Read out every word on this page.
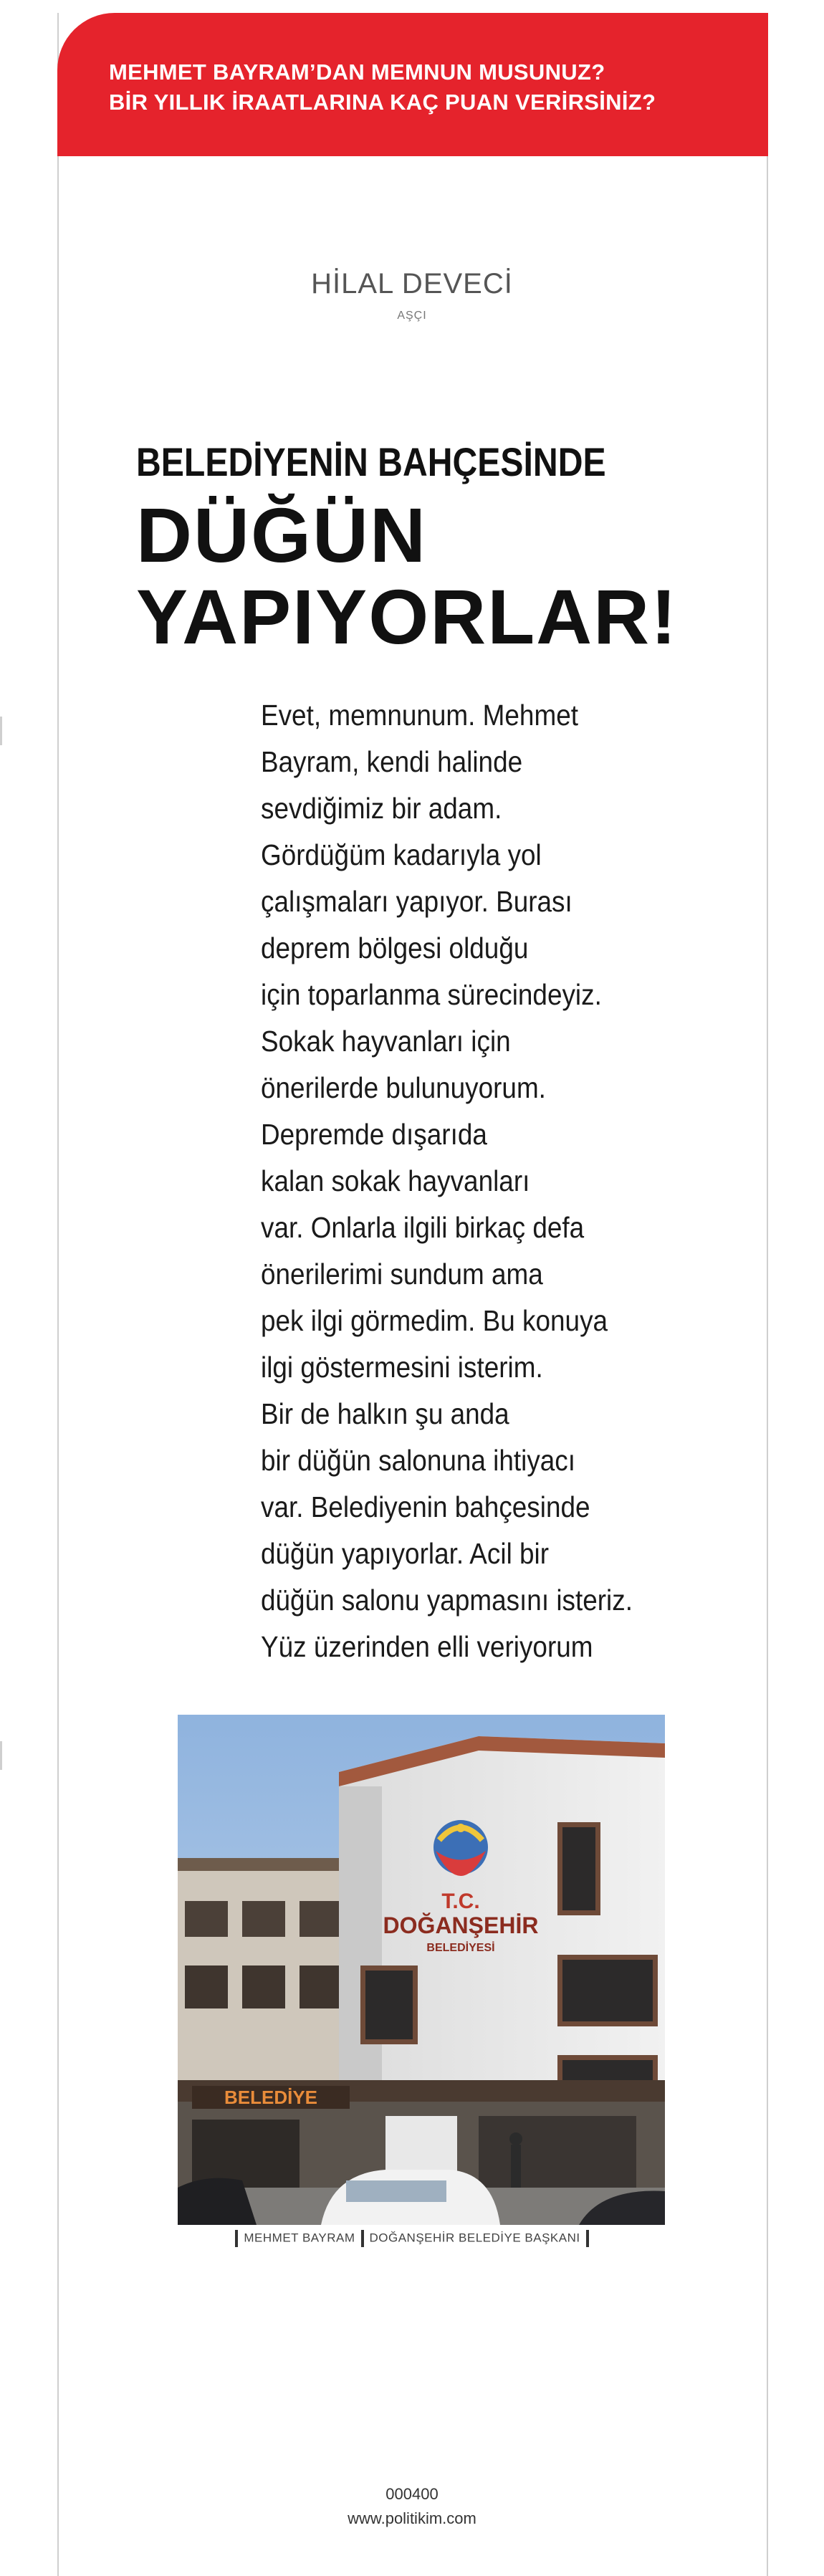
MEHMET BAYRAM’DAN MEMNUN MUSUNUZ?
BİR YILLIK İRAATLARINA KAÇ PUAN VERİRSİNİZ?
HİLAL DEVECİ
AŞÇI
BELEDİYENİN BAHÇESİNDE
DÜĞÜN
YAPIYORLAR!
Evet, memnunum. Mehmet
Bayram, kendi halinde
sevdiğimiz bir adam.
Gördüğüm kadarıyla yol
çalışmaları yapıyor. Burası
deprem bölgesi olduğu
için toparlanma sürecindeyiz.
Sokak hayvanları için
önerilerde bulunuyorum.
Depremde dışarıda
kalan sokak hayvanları
var. Onlarla ilgili birkaç defa
önerilerimi sundum ama
pek ilgi görmedim. Bu konuya
ilgi göstermesini isterim.
Bir de halkın şu anda
bir düğün salonuna ihtiyacı
var. Belediyenin bahçesinde
düğün yapıyorlar. Acil bir
düğün salonu yapmasını isteriz.
Yüz üzerinden elli veriyorum
T.C.
DOĞANŞEHİR
BELEDİYESİ
BELEDİYE
MEHMET BAYRAM DOĞANŞEHİR BELEDİYE BAŞKANI
000400
www.politikim.com
